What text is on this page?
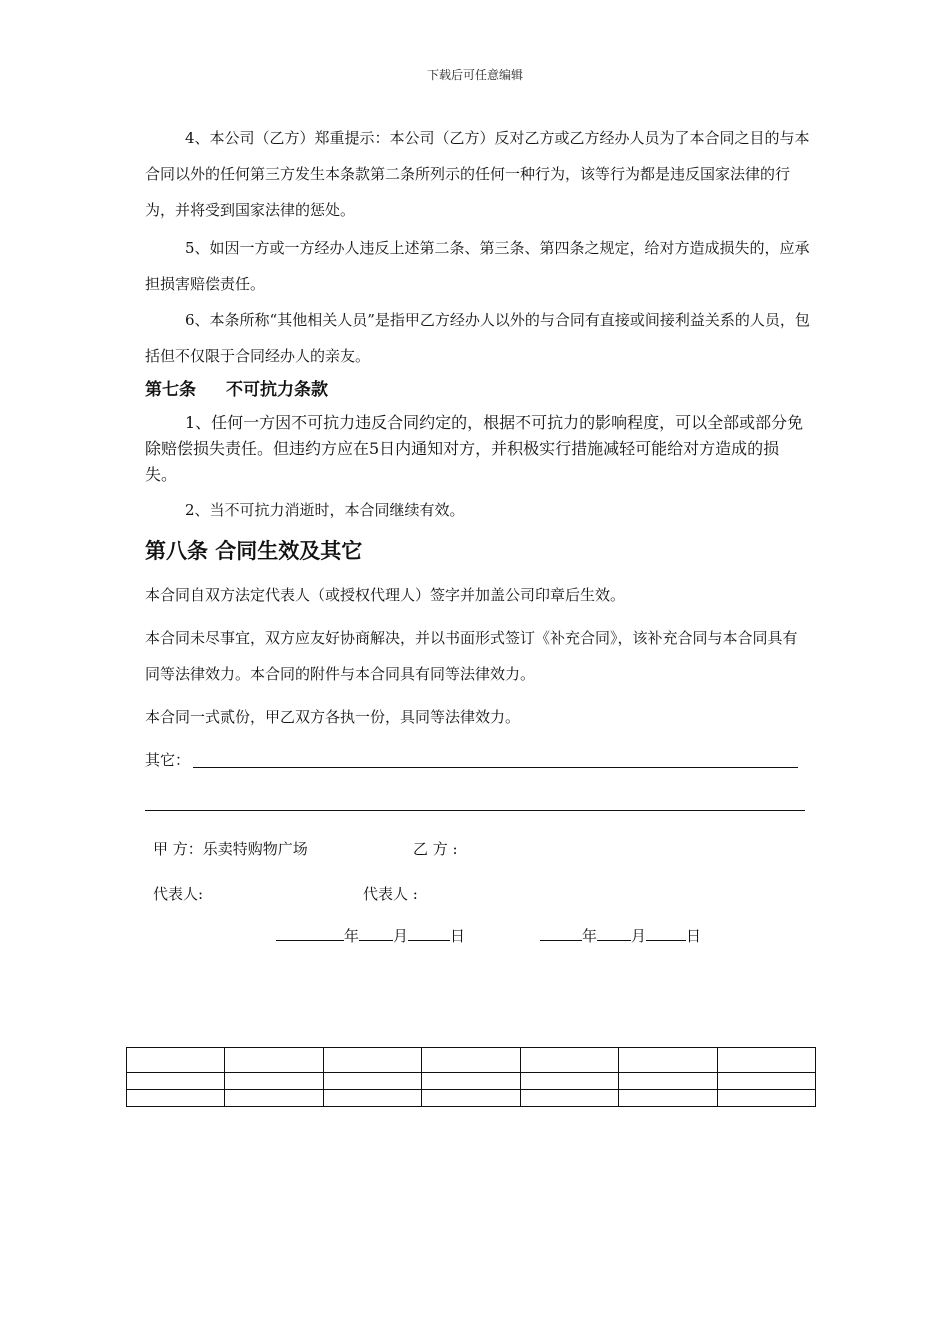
下载后可任意编辑

4、本公司（乙方）郑重提示：本公司（乙方）反对乙方或乙方经办人员为了本合同之目的与本合同以外的任何第三方发生本条款第二条所列示的任何一种行为，该等行为都是违反国家法律的行为，并将受到国家法律的惩处。

5、如因一方或一方经办人违反上述第二条、第三条、第四条之规定，给对方造成损失的，应承担损害赔偿责任。

6、本条所称“其他相关人员”是指甲乙方经办人以外的与合同有直接或间接利益关系的人员，包括但不仅限于合同经办人的亲友。

第七条 不可抗力条款

1、任何一方因不可抗力违反合同约定的，根据不可抗力的影响程度，可以全部或部分免除赔偿损失责任。但违约方应在5日内通知对方，并积极实行措施减轻可能给对方造成的损失。

2、当不可抗力消逝时，本合同继续有效。

第八条 合同生效及其它

本合同自双方法定代表人（或授权代理人）签字并加盖公司印章后生效。

本合同未尽事宜，双方应友好协商解决，并以书面形式签订《补充合同》，该补充合同与本合同具有同等法律效力。本合同的附件与本合同具有同等法律效力。

本合同一式贰份，甲乙双方各执一份，具同等法律效力。

其它：

甲 方：乐卖特购物广场	乙 方 :

代表人:	代表人 :

年 月	日	年 月	日
